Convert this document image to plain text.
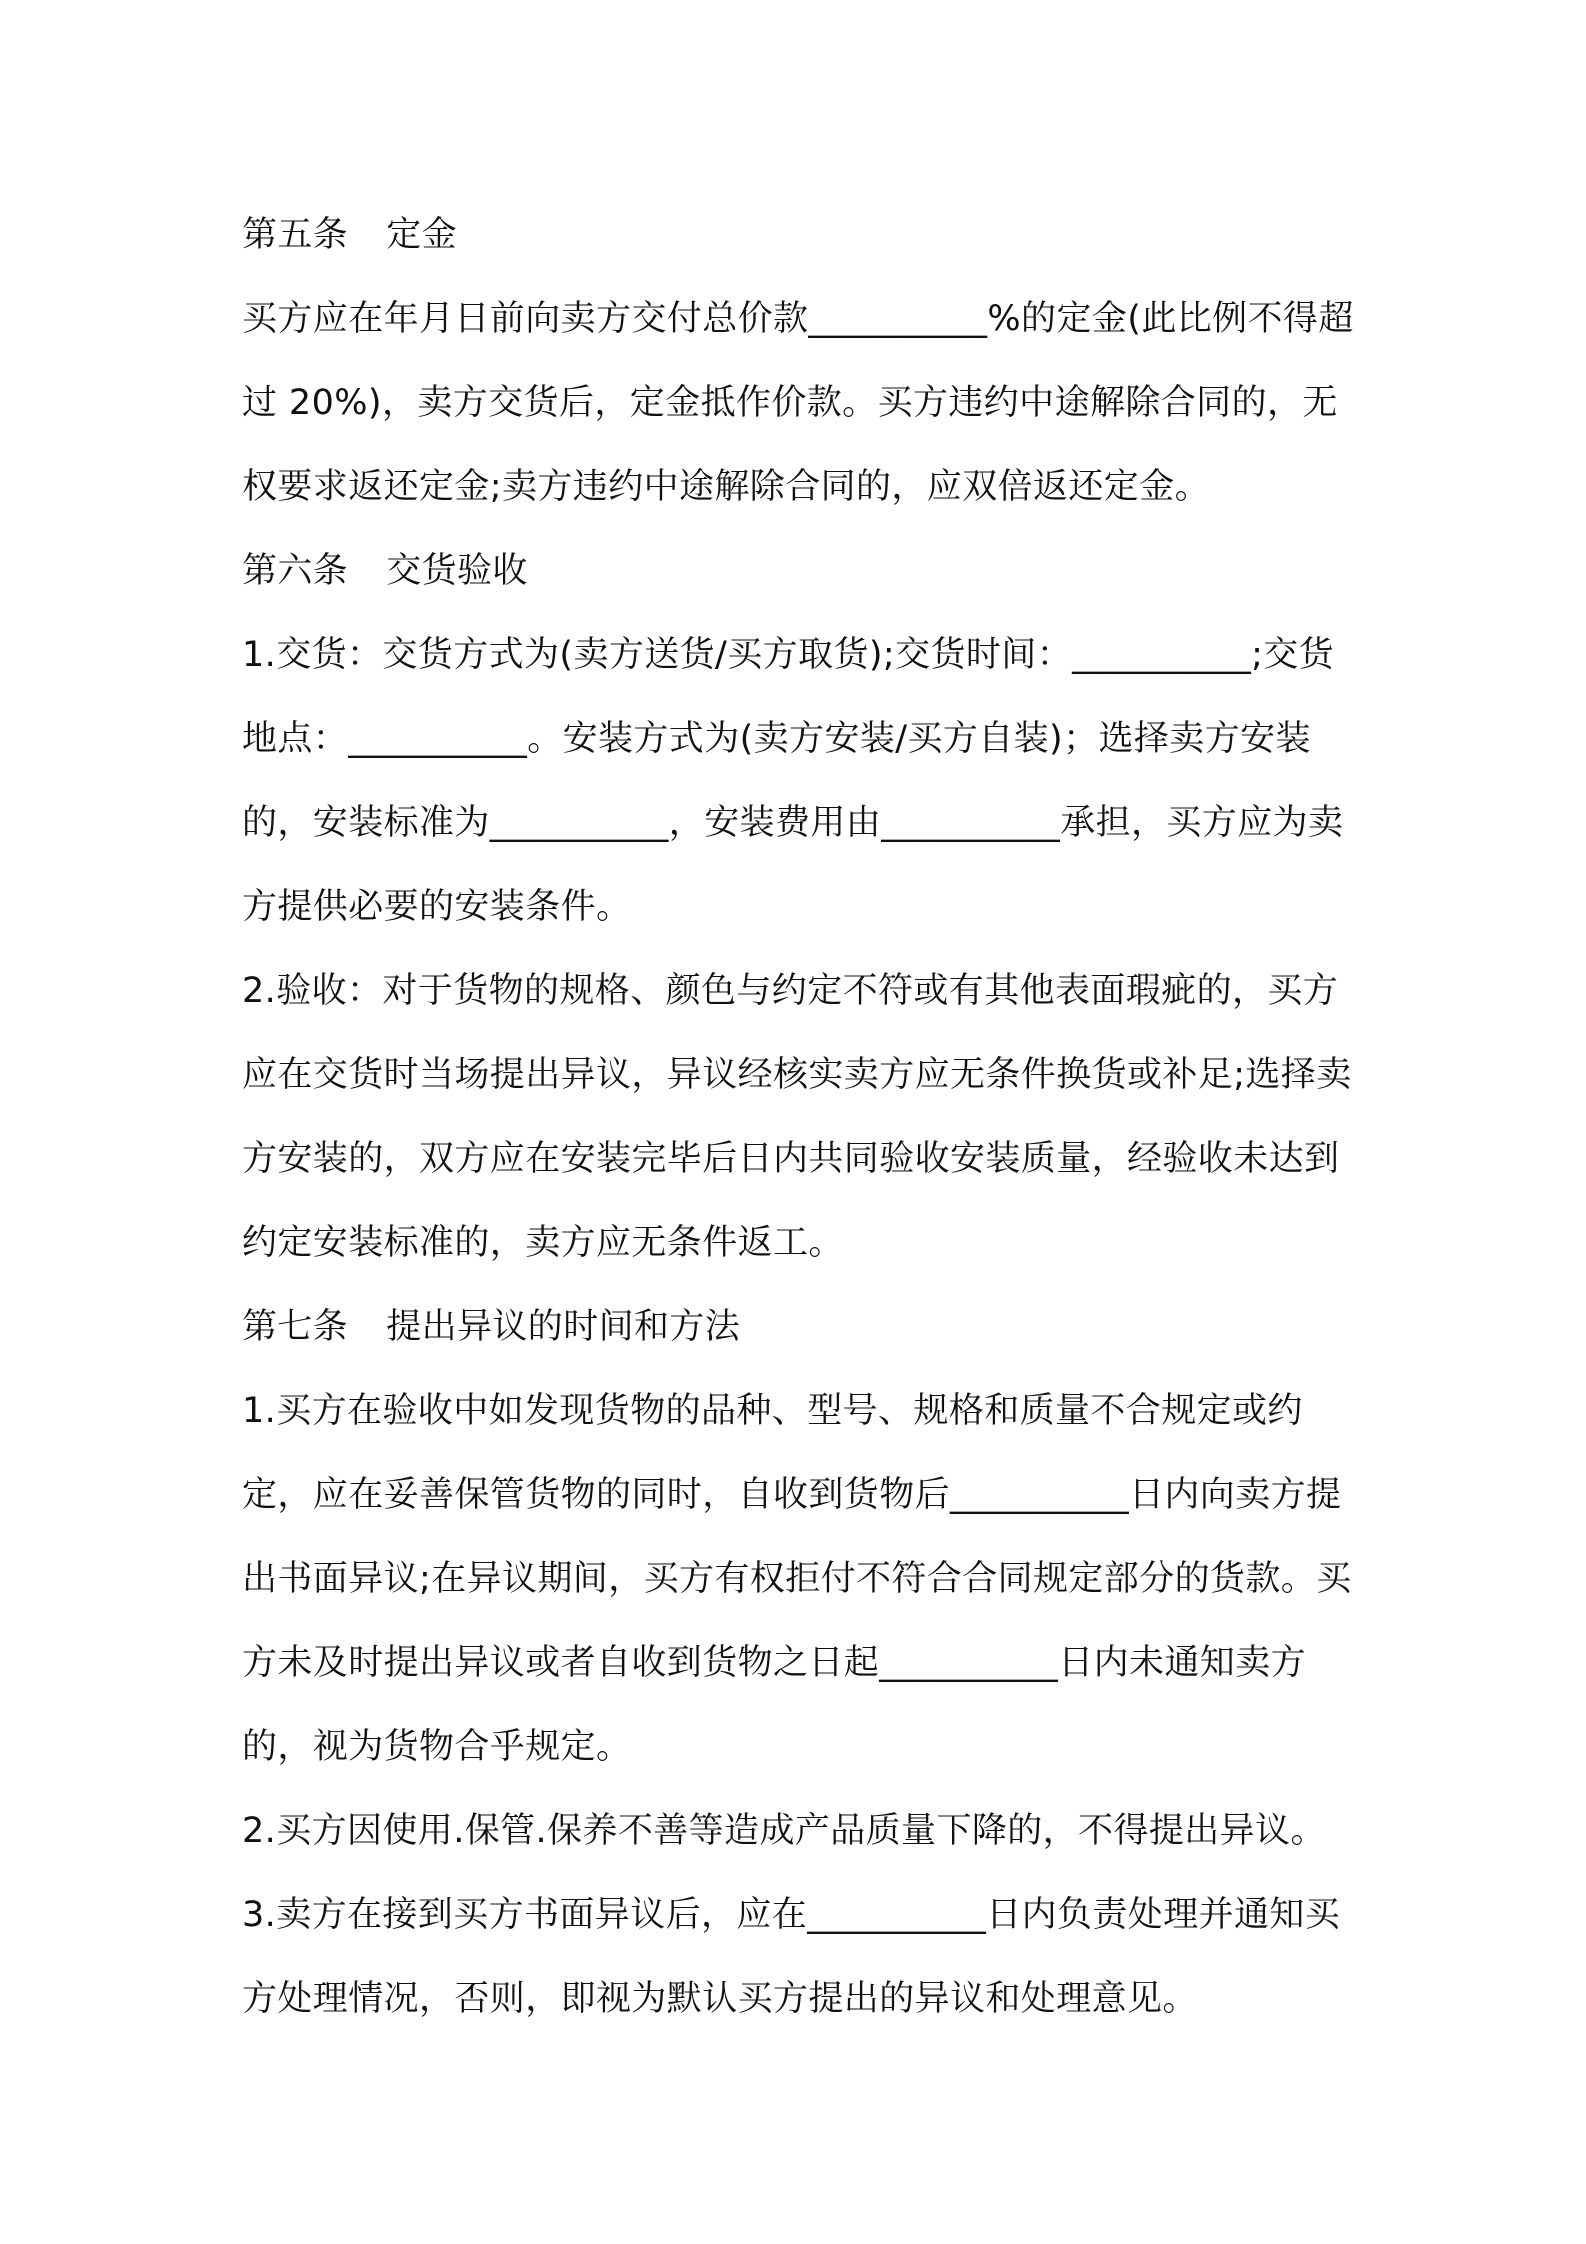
第五条 定金

买方应在年月日前向卖方交付总价款__________%的定金(此比例不得超过 20%)，卖方交货后，定金抵作价款。买方违约中途解除合同的，无权要求返还定金;卖方违约中途解除合同的，应双倍返还定金。

第六条 交货验收

1.交货：交货方式为(卖方送货/买方取货);交货时间：__________;交货地点：__________。安装方式为(卖方安装/买方自装)；选择卖方安装的，安装标准为__________，安装费用由__________承担，买方应为卖方提供必要的安装条件。

2.验收：对于货物的规格、颜色与约定不符或有其他表面瑕疵的，买方应在交货时当场提出异议，异议经核实卖方应无条件换货或补足;选择卖方安装的，双方应在安装完毕后日内共同验收安装质量，经验收未达到约定安装标准的，卖方应无条件返工。

第七条 提出异议的时间和方法

1.买方在验收中如发现货物的品种、型号、规格和质量不合规定或约定，应在妥善保管货物的同时，自收到货物后__________日内向卖方提出书面异议;在异议期间，买方有权拒付不符合合同规定部分的货款。买方未及时提出异议或者自收到货物之日起__________日内未通知卖方的，视为货物合乎规定。

2.买方因使用.保管.保养不善等造成产品质量下降的，不得提出异议。

3.卖方在接到买方书面异议后，应在__________日内负责处理并通知买方处理情况，否则，即视为默认买方提出的异议和处理意见。
